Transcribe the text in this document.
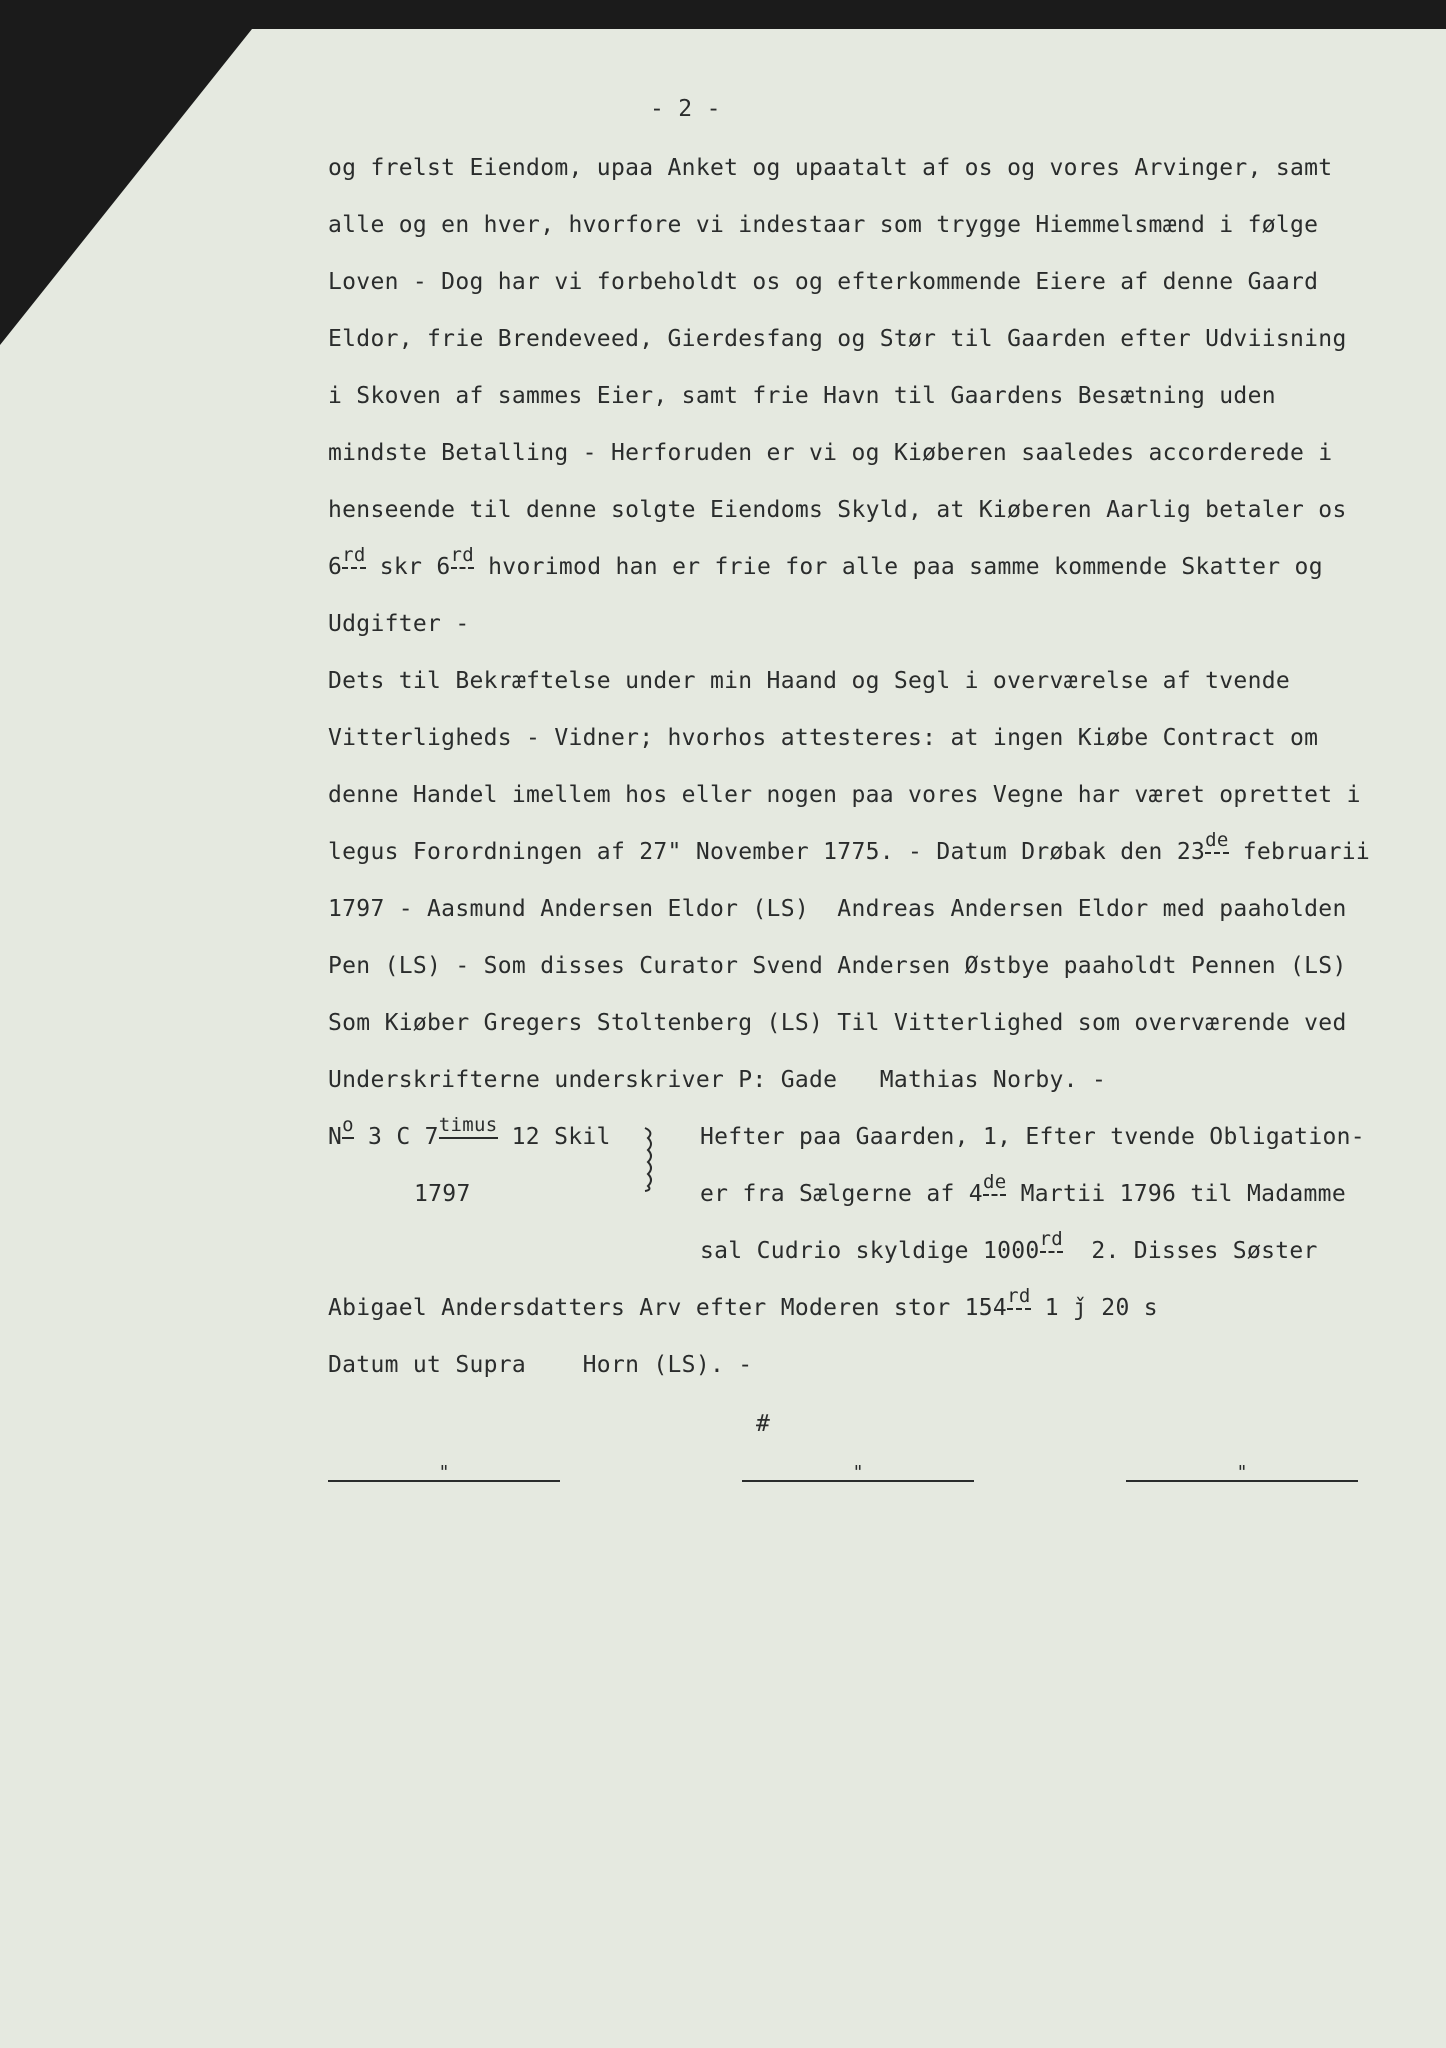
- 2 -
og frelst Eiendom, upaa Anket og upaatalt af os og vores Arvinger, samt
alle og en hver, hvorfore vi indestaar som trygge Hiemmelsmænd i følge
Loven - Dog har vi forbeholdt os og efterkommende Eiere af denne Gaard
Eldor, frie Brendeveed, Gierdesfang og Stør til Gaarden efter Udviisning
i Skoven af sammes Eier, samt frie Havn til Gaardens Besætning uden
mindste Betalling - Herforuden er vi og Kiøberen saaledes accorderede i
henseende til denne solgte Eiendoms Skyld, at Kiøberen Aarlig betaler os
6rd skr 6rd hvorimod han er frie for alle paa samme kommende Skatter og
Udgifter -
Dets til Bekræftelse under min Haand og Segl i overværelse af tvende
Vitterligheds - Vidner; hvorhos attesteres: at ingen Kiøbe Contract om
denne Handel imellem hos eller nogen paa vores Vegne har været oprettet i
legus Forordningen af 27" November 1775. - Datum Drøbak den 23de februarii
1797 - Aasmund Andersen Eldor (LS)  Andreas Andersen Eldor med paaholden
Pen (LS) - Som disses Curator Svend Andersen Østbye paaholdt Pennen (LS)
Som Kiøber Gregers Stoltenberg (LS) Til Vitterlighed som overværende ved
Underskrifterne underskriver P: Gade   Mathias Norby. -
$N^o$ 3 C $7^{timus}$ 12 Skil
1797
Hefter paa Gaarden, 1, Efter tvende Obligation-
er fra Sælgerne af 4de Martii 1796 til Madamme
sal Cudrio skyldige 1000rd  2. Disses Søster
Abigael Andersdatters Arv efter Moderen stor 154rd 1 ǰ 20 s
Datum ut Supra    Horn (LS). -
#
"	"	"
